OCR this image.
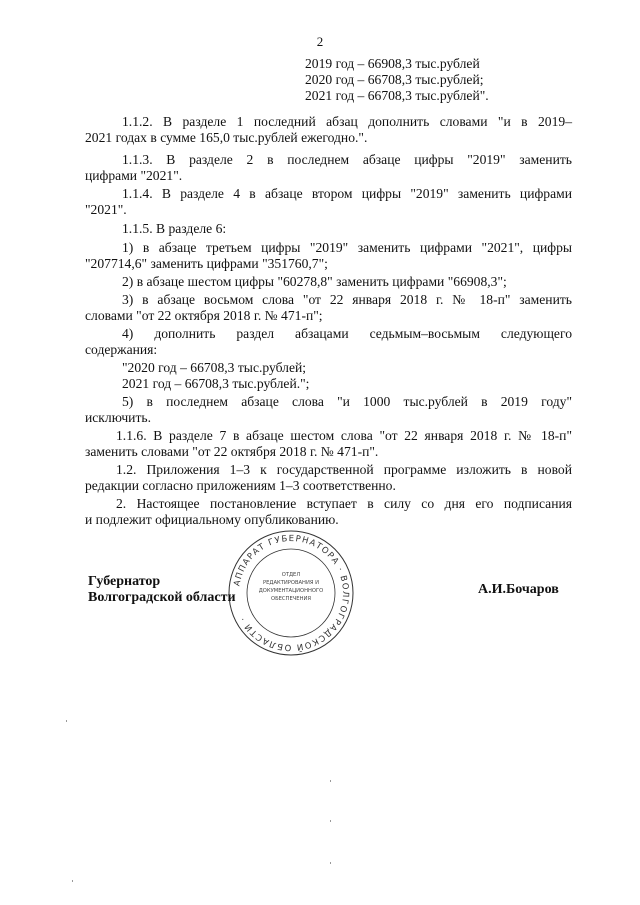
2
2019 год – 66908,3 тыс.рублей
2020 год – 66708,3 тыс.рублей;
2021 год – 66708,3 тыс.рублей".
1.1.2. В разделе 1 последний абзац дополнить словами "и в 2019–
2021 годах в сумме 165,0 тыс.рублей ежегодно.".
1.1.3. В разделе 2 в последнем абзаце цифры "2019" заменить
цифрами "2021".
1.1.4. В разделе 4 в абзаце втором цифры "2019" заменить цифрами
"2021".
1.1.5. В разделе 6:
1) в абзаце третьем цифры "2019" заменить цифрами "2021", цифры
"207714,6" заменить цифрами "351760,7";
2) в абзаце шестом цифры "60278,8" заменить цифрами "66908,3";
3) в абзаце восьмом слова "от 22 января 2018 г. № 18-п" заменить
словами "от 22 октября 2018 г. № 471-п";
4) дополнить раздел абзацами седьмым–восьмым следующего
содержания:
"2020 год – 66708,3 тыс.рублей;
2021 год – 66708,3 тыс.рублей.";
5) в последнем абзаце слова "и 1000 тыс.рублей в 2019 году"
исключить.
1.1.6. В разделе 7 в абзаце шестом слова "от 22 января 2018 г. № 18-п"
заменить словами "от 22 октября 2018 г. № 471-п".
1.2. Приложения 1–3 к государственной программе изложить в новой
редакции согласно приложениям 1–3 соответственно.
2. Настоящее постановление вступает в силу со дня его подписания
и подлежит официальному опубликованию.
АППАРАТ ГУБЕРНАТОРА · ВОЛГОГРАДСКОЙ ОБЛАСТИ ·
ОТДЕЛ
РЕДАКТИРОВАНИЯ И
ДОКУМЕНТАЦИОННОГО
ОБЕСПЕЧЕНИЯ
Губернатор
Волгоградской области
А.И.Бочаров
